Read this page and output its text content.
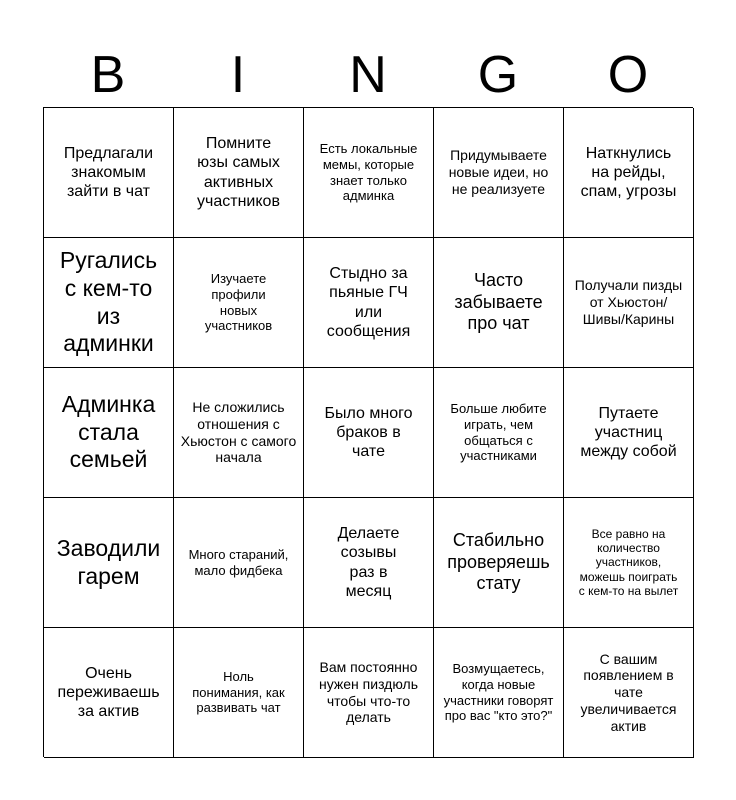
B	I	N	G	O
Предлагали знакомым зайти в чат
Помните юзы самых активных участников
Есть локальные мемы, которые знает только админка
Придумываете новые идеи, но не реализуете
Наткнулись на рейды, спам, угрозы
Ругались с кем-то из админки
Изучаете профили новых участников
Стыдно за пьяные ГЧ или сообщения
Часто забываете про чат
Получали пизды от Хьюстон/ Шивы/Карины
Админка стала семьей
Не сложились отношения с Хьюстон с самого начала
Было много браков в чате
Больше любите играть, чем общаться с участниками
Путаете участниц между собой
Заводили гарем
Много стараний, мало фидбека
Делаете созывы раз в месяц
Стабильно проверяешь стату
Все равно на количество участников, можешь поиграть с кем-то на вылет
Очень переживаешь за актив
Ноль понимания, как развивать чат
Вам постоянно нужен пиздюль чтобы что-то делать
Возмущаетесь, когда новые участники говорят про вас "кто это?"
С вашим появлением в чате увеличивается актив
